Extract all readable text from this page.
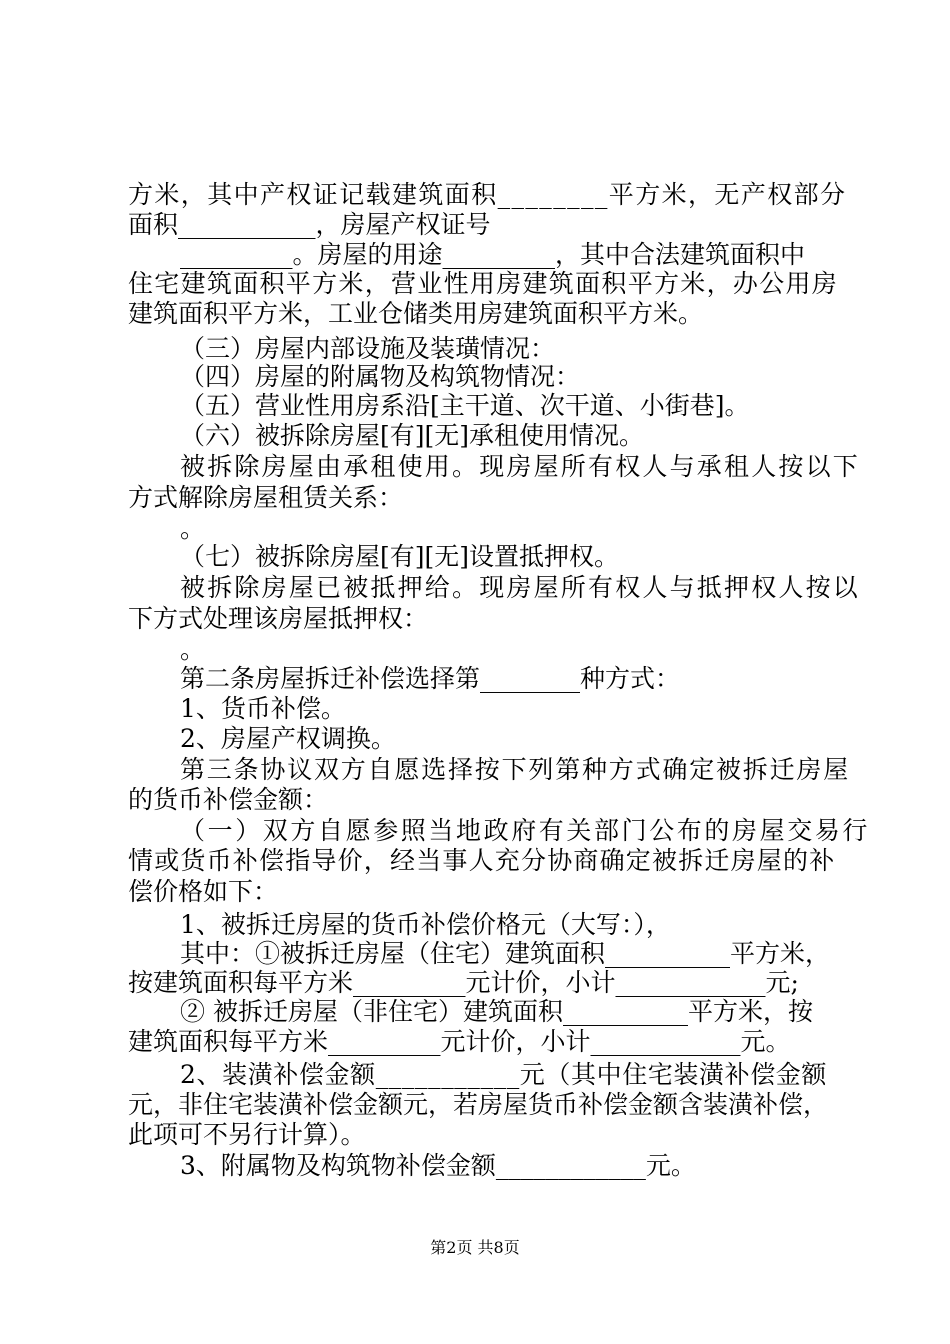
方米，其中产权证记载建筑面积________平方米，无产权部分
面积___________，房屋产权证号
_________。房屋的用途_________，其中合法建筑面积中
住宅建筑面积平方米，营业性用房建筑面积平方米，办公用房
建筑面积平方米，工业仓储类用房建筑面积平方米。
（三）房屋内部设施及装璜情况：
（四）房屋的附属物及构筑物情况：
（五）营业性用房系沿[主干道、次干道、小街巷]。
（六）被拆除房屋[有][无]承租使用情况。
被拆除房屋由承租使用。现房屋所有权人与承租人按以下
方式解除房屋租赁关系：
。
（七）被拆除房屋[有][无]设置抵押权。
被拆除房屋已被抵押给。现房屋所有权人与抵押权人按以
下方式处理该房屋抵押权：
。
第二条房屋拆迁补偿选择第________种方式：
1、货币补偿。
2、房屋产权调换。
第三条协议双方自愿选择按下列第种方式确定被拆迁房屋
的货币补偿金额：
（一）双方自愿参照当地政府有关部门公布的房屋交易行
情或货币补偿指导价，经当事人充分协商确定被拆迁房屋的补
偿价格如下：
1、被拆迁房屋的货币补偿价格元（大写：），
其中：①被拆迁房屋（住宅）建筑面积__________平方米，
按建筑面积每平方米_________元计价，小计____________元;
② 被拆迁房屋（非住宅）建筑面积__________平方米，按
建筑面积每平方米_________元计价，小计____________元。
2、装潢补偿金额___________元（其中住宅装潢补偿金额
元，非住宅装潢补偿金额元，若房屋货币补偿金额含装潢补偿，
此项可不另行计算）。
3、附属物及构筑物补偿金额____________元。
第2页 共8页
